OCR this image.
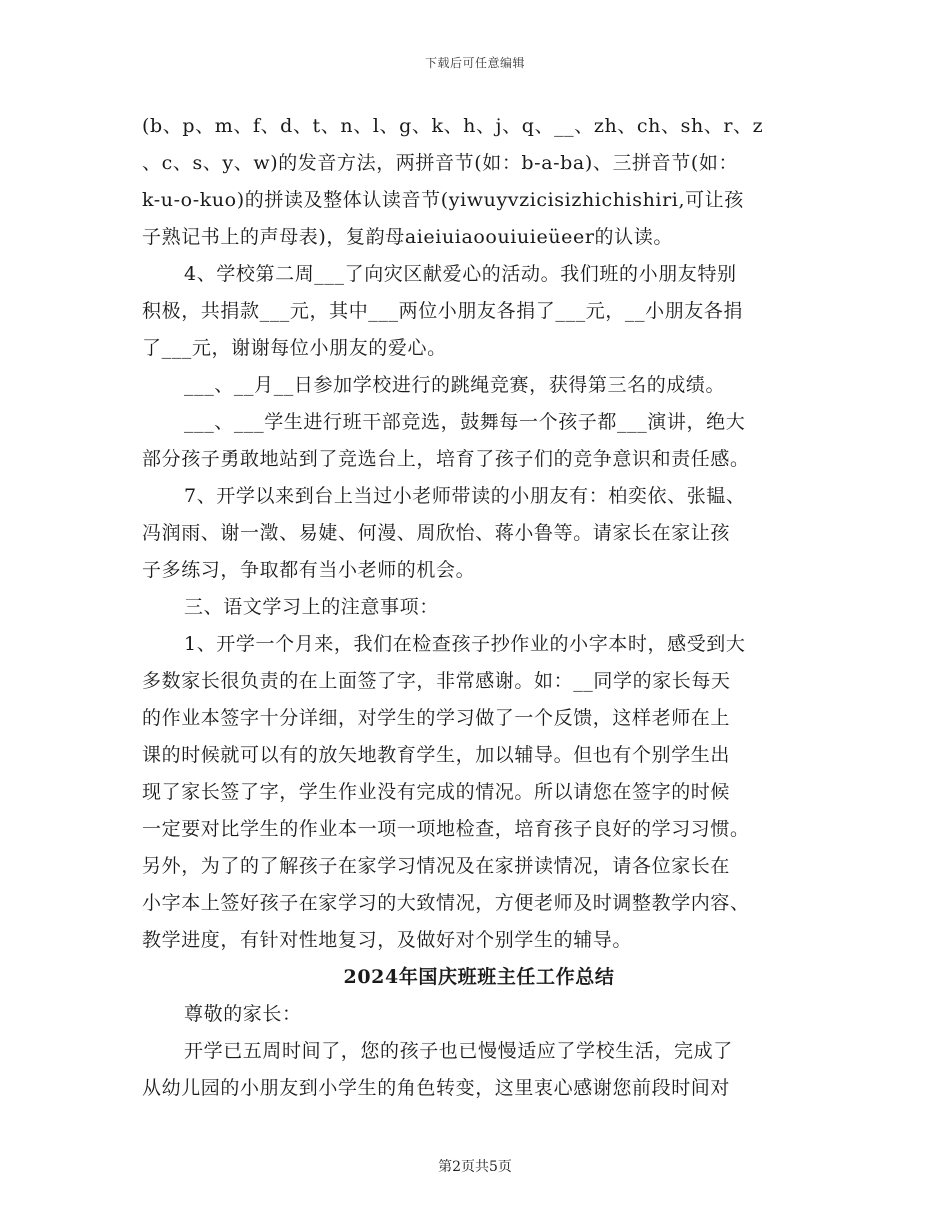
下载后可任意编辑
(b、p、m、f、d、t、n、l、g、k、h、j、q、__、zh、ch、sh、r、z
、c、s、y、w)的发音方法，两拼音节(如：b-a-ba)、三拼音节(如：
k-u-o-kuo)的拼读及整体认读音节(yiwuyvzicisizhichishiri,可让孩
子熟记书上的声母表)，复韵母aieiuiaoouiuieüeer的认读。
4、学校第二周___了向灾区献爱心的活动。我们班的小朋友特别
积极，共捐款___元，其中___两位小朋友各捐了___元，__小朋友各捐
了___元，谢谢每位小朋友的爱心。
___、__月__日参加学校进行的跳绳竞赛，获得第三名的成绩。
___、___学生进行班干部竞选，鼓舞每一个孩子都___演讲，绝大
部分孩子勇敢地站到了竞选台上，培育了孩子们的竞争意识和责任感。
7、开学以来到台上当过小老师带读的小朋友有：柏奕依、张韫、
冯润雨、谢一澂、易婕、何漫、周欣怡、蒋小鲁等。请家长在家让孩
子多练习，争取都有当小老师的机会。
三、语文学习上的注意事项：
1、开学一个月来，我们在检查孩子抄作业的小字本时，感受到大
多数家长很负责的在上面签了字，非常感谢。如：__同学的家长每天
的作业本签字十分详细，对学生的学习做了一个反馈，这样老师在上
课的时候就可以有的放矢地教育学生，加以辅导。但也有个别学生出
现了家长签了字，学生作业没有完成的情况。所以请您在签字的时候
一定要对比学生的作业本一项一项地检查，培育孩子良好的学习习惯。
另外，为了的了解孩子在家学习情况及在家拼读情况，请各位家长在
小字本上签好孩子在家学习的大致情况，方便老师及时调整教学内容、
教学进度，有针对性地复习，及做好对个别学生的辅导。
2024年国庆班班主任工作总结
尊敬的家长：
开学已五周时间了，您的孩子也已慢慢适应了学校生活，完成了
从幼儿园的小朋友到小学生的角色转变，这里衷心感谢您前段时间对
第2页共5页
